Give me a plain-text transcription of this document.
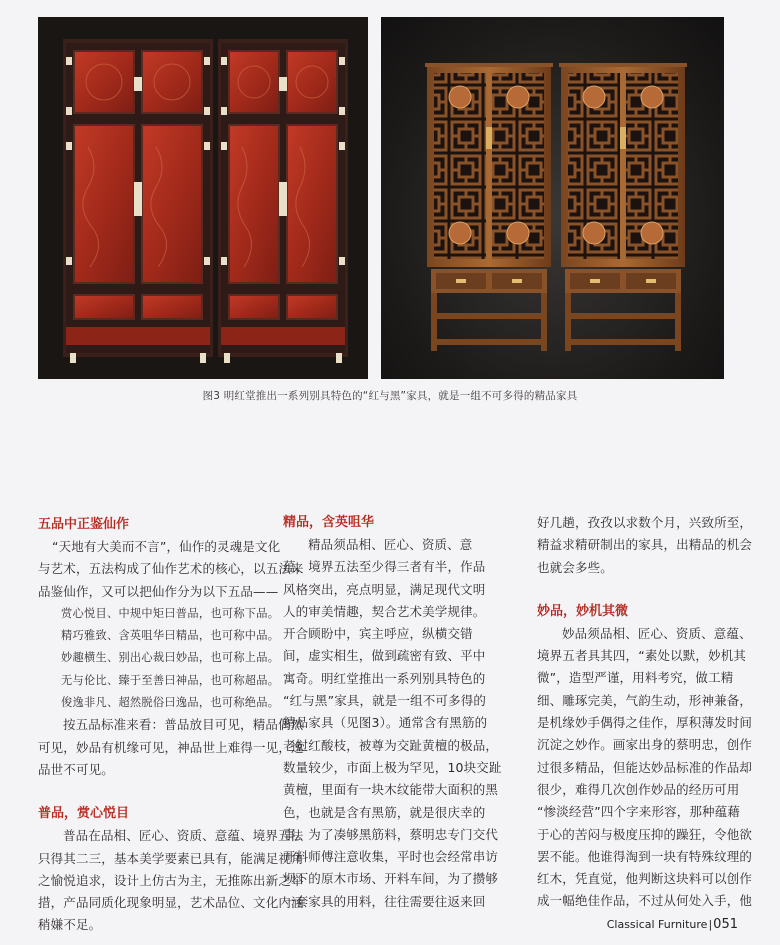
图3 明红堂推出一系列别具特色的“红与黑”家具，就是一组不可多得的精品家具
五品中正鉴仙作
“天地有大美而不言”，仙作的灵魂是文化
与艺术，五法构成了仙作艺术的核心，以五法来
品鉴仙作，又可以把仙作分为以下五品——
赏心悦目、中规中矩曰普品，也可称下品。
精巧雅致、含英咀华曰精品，也可称中品。
妙趣横生、别出心裁曰妙品，也可称上品。
无与伦比、臻于至善曰神品，也可称超品。
俊逸非凡、超然脱俗曰逸品，也可称绝品。
按五品标准来看：普品放目可见，精品偶然
可见，妙品有机缘可见，神品世上难得一见，逸
品世不可见。
普品，赏心悦目
普品在品相、匠心、资质、意蕴、境界五法
只得其二三，基本美学要素已具有，能满足视角
之愉悦追求，设计上仿古为主，无推陈出新之举
措，产品同质化现象明显，艺术品位、文化内涵
稍嫌不足。
精品，含英咀华
精品须品相、匠心、资质、意
蕴、境界五法至少得三者有半，作品
风格突出，亮点明显，满足现代文明
人的审美情趣，契合艺术美学规律。
开合顾盼中，宾主呼应，纵横交错
间，虚实相生，做到疏密有致、平中
寓奇。明红堂推出一系列别具特色的
“红与黑”家具，就是一组不可多得的
精品家具（见图3）。通常含有黑筋的
老挝红酸枝，被尊为交趾黄檀的极品，
数量较少，市面上极为罕见，10块交趾
黄檀，里面有一块木纹能带大面积的黑
色，也就是含有黑筋，就是很庆幸的
事。为了凑够黑筋料，蔡明忠专门交代
开料师傅注意收集，平时也会经常串访
坝下的原木市场、开料车间，为了攒够
一套家具的用料，往往需要往返来回
好几趟，孜孜以求数个月，兴致所至，
精益求精研制出的家具，出精品的机会
也就会多些。
妙品，妙机其微
妙品须品相、匠心、资质、意蕴、
境界五者具其四，“素处以默，妙机其
微”，造型严谨，用料考究，做工精
细、雕琢完美，气韵生动，形神兼备，
是机缘妙手偶得之佳作，厚积薄发时间
沉淀之妙作。画家出身的蔡明忠，创作
过很多精品，但能达妙品标准的作品却
很少，难得几次创作妙品的经历可用
“惨淡经营”四个字来形容，那种蕴藉
于心的苦闷与极度压抑的躁狂，令他欲
罢不能。他谁得淘到一块有特殊纹理的
红木，凭直觉，他判断这块料可以创作
成一幅绝佳作品，不过从何处入手，他
Classical Furniture|051
